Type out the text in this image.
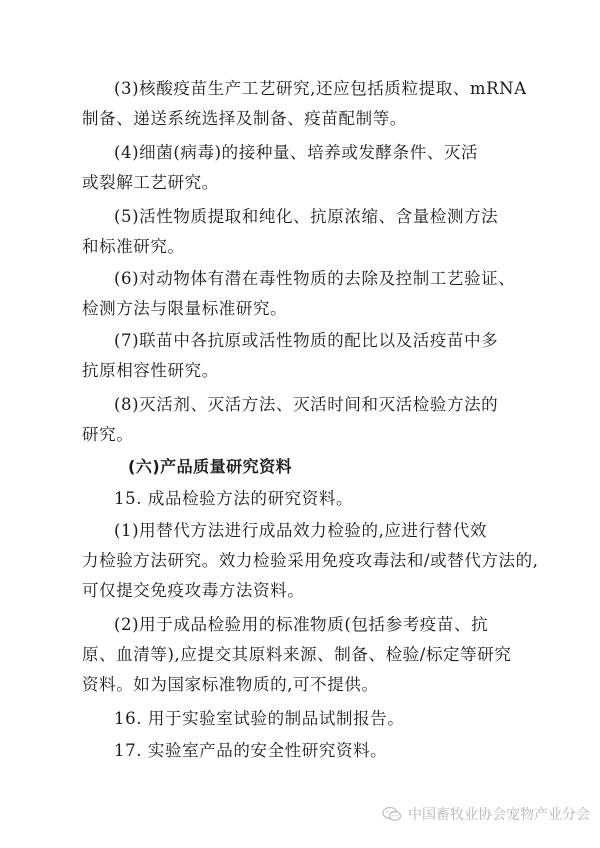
(3)核酸疫苗生产工艺研究,还应包括质粒提取、mRNA
制备、递送系统选择及制备、疫苗配制等。
(4)细菌(病毒)的接种量、培养或发酵条件、灭活
或裂解工艺研究。
(5)活性物质提取和纯化、抗原浓缩、含量检测方法
和标准研究。
(6)对动物体有潜在毒性物质的去除及控制工艺验证、
检测方法与限量标准研究。
(7)联苗中各抗原或活性物质的配比以及活疫苗中多
抗原相容性研究。
(8)灭活剂、灭活方法、灭活时间和灭活检验方法的
研究。
(六)产品质量研究资料
15. 成品检验方法的研究资料。
(1)用替代方法进行成品效力检验的,应进行替代效
力检验方法研究。效力检验采用免疫攻毒法和/或替代方法的,
可仅提交免疫攻毒方法资料。
(2)用于成品检验用的标准物质(包括参考疫苗、抗
原、血清等),应提交其原料来源、制备、检验/标定等研究
资料。如为国家标准物质的,可不提供。
16. 用于实验室试验的制品试制报告。
17. 实验室产品的安全性研究资料。
中国畜牧业协会宠物产业分会
